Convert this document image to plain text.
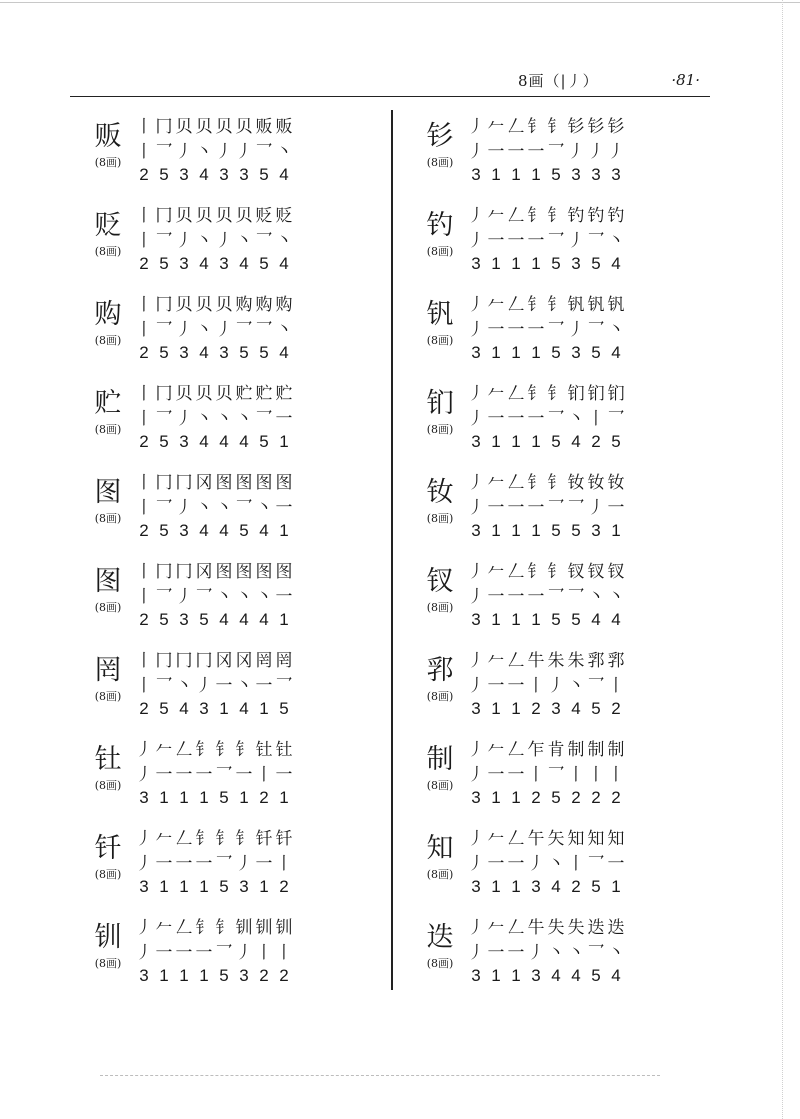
8画（|丿）	·81·
贩
(8画)
丨 冂 贝 贝 贝 贝 贩 贩
丨 乛 丿 丶 丿 丿 乛 丶
2 5 3 4 3 3 5 4
贬
(8画)
丨 冂 贝 贝 贝 贝 贬 贬
丨 乛 丿 丶 丿 丶 乛 丶
2 5 3 4 3 4 5 4
购
(8画)
丨 冂 贝 贝 贝 购 购 购
丨 乛 丿 丶 丿 乛 乛 丶
2 5 3 4 3 5 5 4
贮
(8画)
丨 冂 贝 贝 贝 贮 贮 贮
丨 乛 丿 丶 丶 丶 乛 一
2 5 3 4 4 4 5 1
图
(8画)
丨 冂 冂 冈 图 图 图 图
丨 乛 丿 丶 丶 乛 丶 一
2 5 3 4 4 5 4 1
图
(8画)
丨 冂 冂 冈 图 图 图 图
丨 乛 丿 乛 丶 丶 丶 一
2 5 3 5 4 4 4 1
罔
(8画)
丨 冂 冂 冂 冈 冈 罔 罔
丨 乛 丶 丿 一 丶 一 乛
2 5 4 3 1 4 1 5
钍
(8画)
丿 𠂉 𠃋 钅 钅 钅 钍 钍
丿 一 一 一 乛 一 丨 一
3 1 1 1 5 1 2 1
钎
(8画)
丿 𠂉 𠃋 钅 钅 钅 钎 钎
丿 一 一 一 乛 丿 一 丨
3 1 1 1 5 3 1 2
钏
(8画)
丿 𠂉 𠃋 钅 钅 钏 钏 钏
丿 一 一 一 乛 丿 丨 丨
3 1 1 1 5 3 2 2
钐
(8画)
丿 𠂉 𠃋 钅 钅 钐 钐 钐
丿 一 一 一 乛 丿 丿 丿
3 1 1 1 5 3 3 3
钓
(8画)
丿 𠂉 𠃋 钅 钅 钓 钓 钓
丿 一 一 一 乛 丿 乛 丶
3 1 1 1 5 3 5 4
钒
(8画)
丿 𠂉 𠃋 钅 钅 钒 钒 钒
丿 一 一 一 乛 丿 乛 丶
3 1 1 1 5 3 5 4
钔
(8画)
丿 𠂉 𠃋 钅 钅 钔 钔 钔
丿 一 一 一 乛 丶 丨 乛
3 1 1 1 5 4 2 5
钕
(8画)
丿 𠂉 𠃋 钅 钅 钕 钕 钕
丿 一 一 一 乛 乛 丿 一
3 1 1 1 5 5 3 1
钗
(8画)
丿 𠂉 𠃋 钅 钅 钗 钗 钗
丿 一 一 一 乛 乛 丶 丶
3 1 1 1 5 5 4 4
郛
(8画)
丿 𠂉 𠃋 牛 朱 朱 郛 郛
丿 一 一 丨 丿 丶 乛 丨
3 1 1 2 3 4 5 2
制
(8画)
丿 𠂉 𠃋 乍 肯 制 制 制
丿 一 一 丨 乛 丨 丨 丨
3 1 1 2 5 2 2 2
知
(8画)
丿 𠂉 𠃋 午 矢 知 知 知
丿 一 一 丿 丶 丨 乛 一
3 1 1 3 4 2 5 1
迭
(8画)
丿 𠂉 𠃋 牛 失 失 迭 迭
丿 一 一 丿 丶 丶 乛 丶
3 1 1 3 4 4 5 4
